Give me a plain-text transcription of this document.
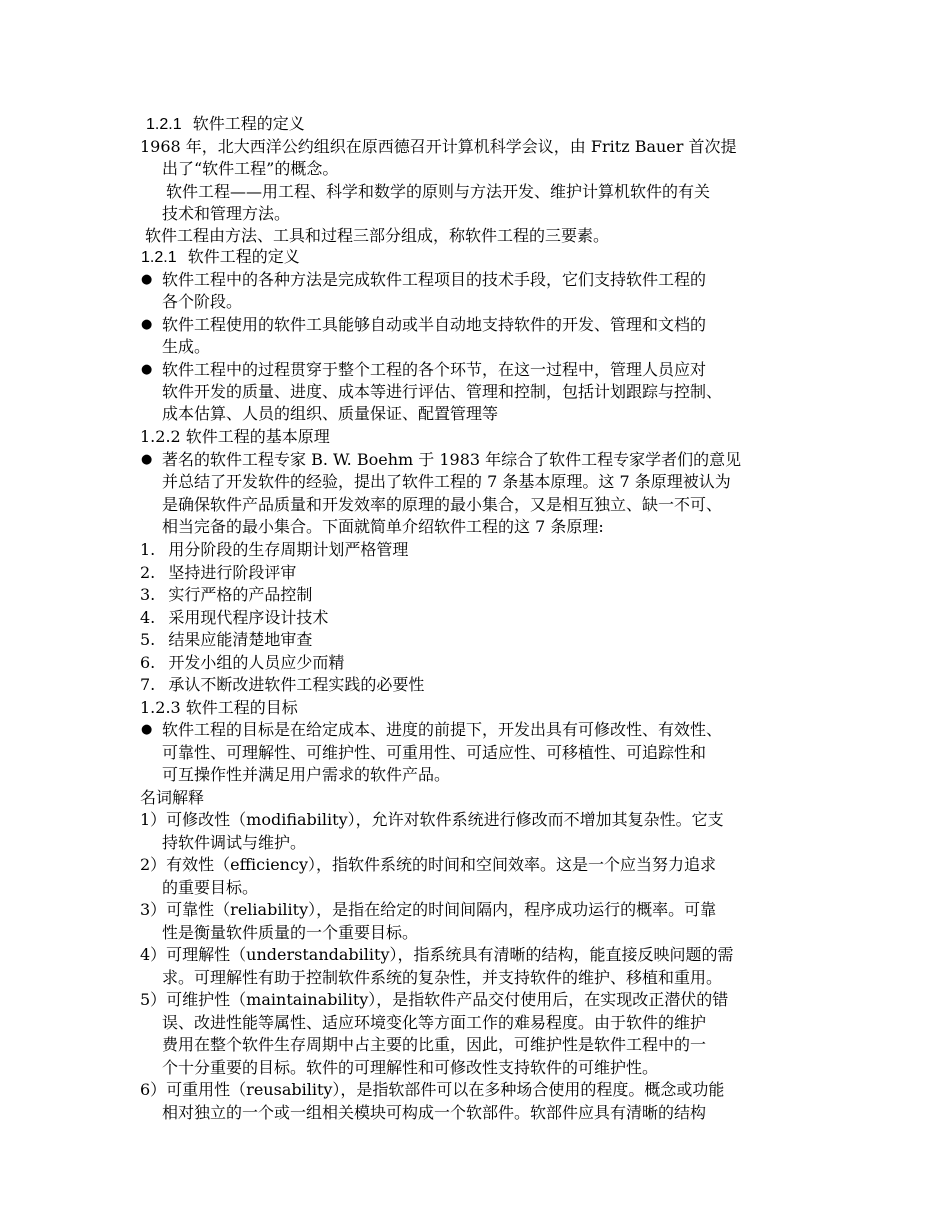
1.2.1 软件工程的定义
1968 年，北大西洋公约组织在原西德召开计算机科学会议，由 Fritz Bauer 首次提
出了“软件工程”的概念。
软件工程——用工程、科学和数学的原则与方法开发、维护计算机软件的有关
技术和管理方法。
软件工程由方法、工具和过程三部分组成，称软件工程的三要素。
1.2.1 软件工程的定义
● 软件工程中的各种方法是完成软件工程项目的技术手段，它们支持软件工程的
各个阶段。
● 软件工程使用的软件工具能够自动或半自动地支持软件的开发、管理和文档的
生成。
● 软件工程中的过程贯穿于整个工程的各个环节，在这一过程中，管理人员应对
软件开发的质量、进度、成本等进行评估、管理和控制，包括计划跟踪与控制、
成本估算、人员的组织、质量保证、配置管理等
1.2.2 软件工程的基本原理
● 著名的软件工程专家 B. W. Boehm 于 1983 年综合了软件工程专家学者们的意见
并总结了开发软件的经验，提出了软件工程的 7 条基本原理。这 7 条原理被认为
是确保软件产品质量和开发效率的原理的最小集合，又是相互独立、缺一不可、
相当完备的最小集合。下面就简单介绍软件工程的这 7 条原理:
1. 用分阶段的生存周期计划严格管理
2. 坚持进行阶段评审
3. 实行严格的产品控制
4. 采用现代程序设计技术
5. 结果应能清楚地审查
6. 开发小组的人员应少而精
7. 承认不断改进软件工程实践的必要性
1.2.3 软件工程的目标
● 软件工程的目标是在给定成本、进度的前提下，开发出具有可修改性、有效性、
可靠性、可理解性、可维护性、可重用性、可适应性、可移植性、可追踪性和
可互操作性并满足用户需求的软件产品。
名词解释
1）可修改性（modifiability），允许对软件系统进行修改而不增加其复杂性。它支
持软件调试与维护。
2）有效性（efficiency），指软件系统的时间和空间效率。这是一个应当努力追求
的重要目标。
3）可靠性（reliability），是指在给定的时间间隔内，程序成功运行的概率。可靠
性是衡量软件质量的一个重要目标。
4）可理解性（understandability），指系统具有清晰的结构，能直接反映问题的需
求。可理解性有助于控制软件系统的复杂性，并支持软件的维护、移植和重用。
5）可维护性（maintainability），是指软件产品交付使用后，在实现改正潜伏的错
误、改进性能等属性、适应环境变化等方面工作的难易程度。由于软件的维护
费用在整个软件生存周期中占主要的比重，因此，可维护性是软件工程中的一
个十分重要的目标。软件的可理解性和可修改性支持软件的可维护性。
6）可重用性（reusability），是指软部件可以在多种场合使用的程度。概念或功能
相对独立的一个或一组相关模块可构成一个软部件。软部件应具有清晰的结构
